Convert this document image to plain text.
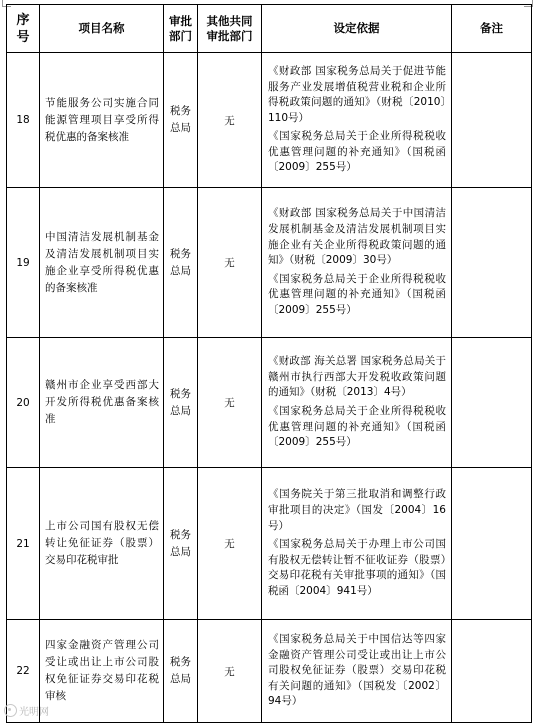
序号	项目名称	审批部门	其他共同审批部门	设定依据	备注
18	节能服务公司实施合同能源管理项目享受所得税优惠的备案核准	税务总局	无	《财政部 国家税务总局关于促进节能服务产业发展增值税营业税和企业所得税政策问题的通知》（财税〔2010〕110号）
《国家税务总局关于企业所得税税收优惠管理问题的补充通知》（国税函〔2009〕255号）	

19	中国清洁发展机制基金及清洁发展机制项目实施企业享受所得税优惠的备案核准	税务总局	无	《财政部 国家税务总局关于中国清洁发展机制基金及清洁发展机制项目实施企业有关企业所得税政策问题的通知》（财税〔2009〕30号）
《国家税务总局关于企业所得税税收优惠管理问题的补充通知》（国税函〔2009〕255号）	

20	赣州市企业享受西部大开发所得税优惠备案核准	税务总局	无	《财政部 海关总署 国家税务总局关于赣州市执行西部大开发税收政策问题的通知》（财税〔2013〕4号）
《国家税务总局关于企业所得税税收优惠管理问题的补充通知》（国税函〔2009〕255号）	

21	上市公司国有股权无偿转让免征证券（股票）交易印花税审批	税务总局	无	《国务院关于第三批取消和调整行政审批项目的决定》（国发〔2004〕16号）
《国家税务总局关于办理上市公司国有股权无偿转让暂不征收证券（股票）交易印花税有关审批事项的通知》（国税函〔2004〕941号）	

22	四家金融资产管理公司受让或出让上市公司股权免征证券交易印花税审核	税务总局	无	《国家税务总局关于中国信达等四家金融资产管理公司受让或出让上市公司股权免征证券（股票）交易印花税有关问题的通知》（国税发〔2002〕94号）	

光明网
